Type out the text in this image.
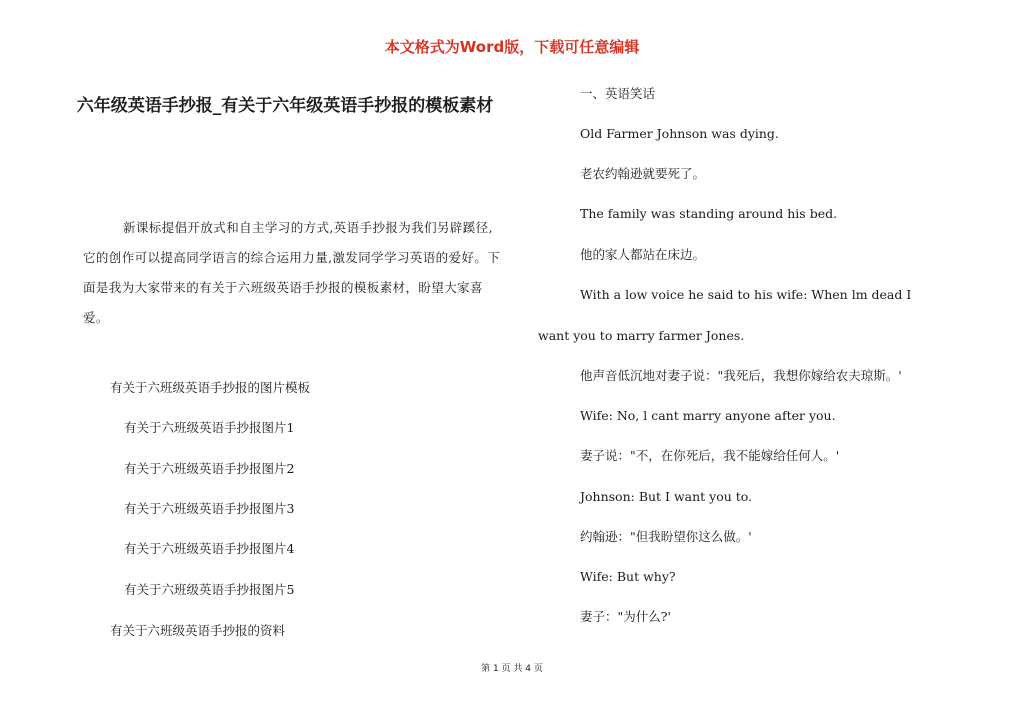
本文格式为Word版，下载可任意编辑
六年级英语手抄报_有关于六年级英语手抄报的模板素材
新课标提倡开放式和自主学习的方式,英语手抄报为我们另辟蹊径,它的创作可以提高同学语言的综合运用力量,激发同学学习英语的爱好。下面是我为大家带来的有关于六班级英语手抄报的模板素材，盼望大家喜爱。
有关于六班级英语手抄报的图片模板
有关于六班级英语手抄报图片1
有关于六班级英语手抄报图片2
有关于六班级英语手抄报图片3
有关于六班级英语手抄报图片4
有关于六班级英语手抄报图片5
有关于六班级英语手抄报的资料
一、英语笑话
Old Farmer Johnson was dying.
老农约翰逊就要死了。
The family was standing around his bed.
他的家人都站在床边。
With a low voice he said to his wife: When lm dead I
want you to marry farmer Jones.
他声音低沉地对妻子说："我死后，我想你嫁给农夫琼斯。'
Wife: No, l cant marry anyone after you.
妻子说："不，在你死后，我不能嫁给任何人。'
Johnson: But I want you to.
约翰逊："但我盼望你这么做。'
Wife: But why?
妻子："为什么?'
第 1 页 共 4 页
